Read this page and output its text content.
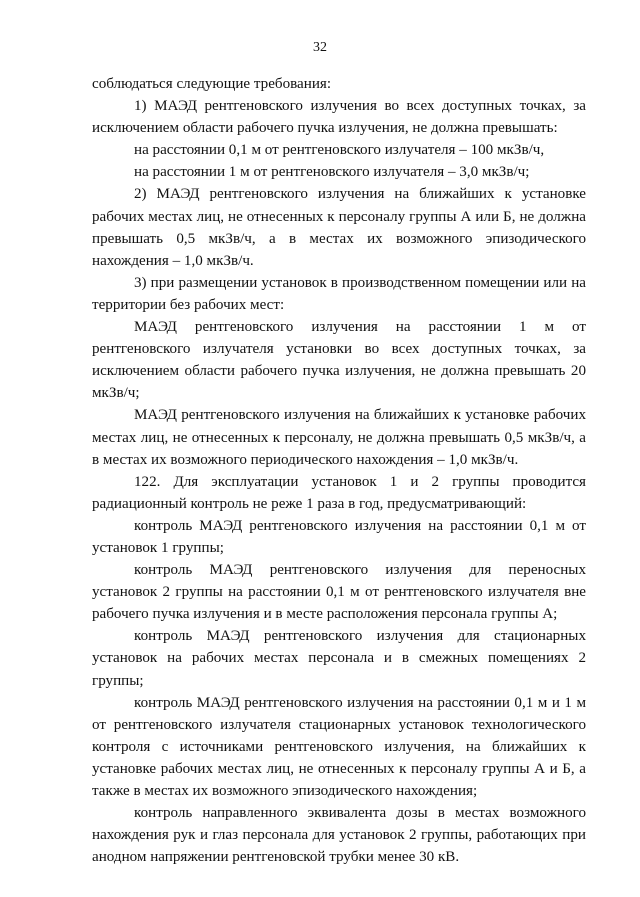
32

соблюдаться следующие требования:

1) МАЭД рентгеновского излучения во всех доступных точках, за исключением области рабочего пучка излучения, не должна превышать:

на расстоянии 0,1 м от рентгеновского излучателя – 100 мкЗв/ч,

на расстоянии 1 м от рентгеновского излучателя – 3,0 мкЗв/ч;

2) МАЭД рентгеновского излучения на ближайших к установке рабочих местах лиц, не отнесенных к персоналу группы А или Б, не должна превышать 0,5 мкЗв/ч, а в местах их возможного эпизодического нахождения – 1,0 мкЗв/ч.

3) при размещении установок в производственном помещении или на территории без рабочих мест:

МАЭД рентгеновского излучения на расстоянии 1 м от рентгеновского излучателя установки во всех доступных точках, за исключением области рабочего пучка излучения, не должна превышать 20 мкЗв/ч;

МАЭД рентгеновского излучения на ближайших к установке рабочих местах лиц, не отнесенных к персоналу, не должна превышать 0,5 мкЗв/ч, а в местах их возможного периодического нахождения – 1,0 мкЗв/ч.

122. Для эксплуатации установок 1 и 2 группы проводится радиационный контроль не реже 1 раза в год, предусматривающий:

контроль МАЭД рентгеновского излучения на расстоянии 0,1 м от установок 1 группы;

контроль МАЭД рентгеновского излучения для переносных установок 2 группы на расстоянии 0,1 м от рентгеновского излучателя вне рабочего пучка излучения и в месте расположения персонала группы А;

контроль МАЭД рентгеновского излучения для стационарных установок на рабочих местах персонала и в смежных помещениях 2 группы;

контроль МАЭД рентгеновского излучения на расстоянии 0,1 м и 1 м от рентгеновского излучателя стационарных установок технологического контроля с источниками рентгеновского излучения, на ближайших к установке рабочих местах лиц, не отнесенных к персоналу группы А и Б, а также в местах их возможного эпизодического нахождения;

контроль направленного эквивалента дозы в местах возможного нахождения рук и глаз персонала для установок 2 группы, работающих при анодном напряжении рентгеновской трубки менее 30 кВ.
